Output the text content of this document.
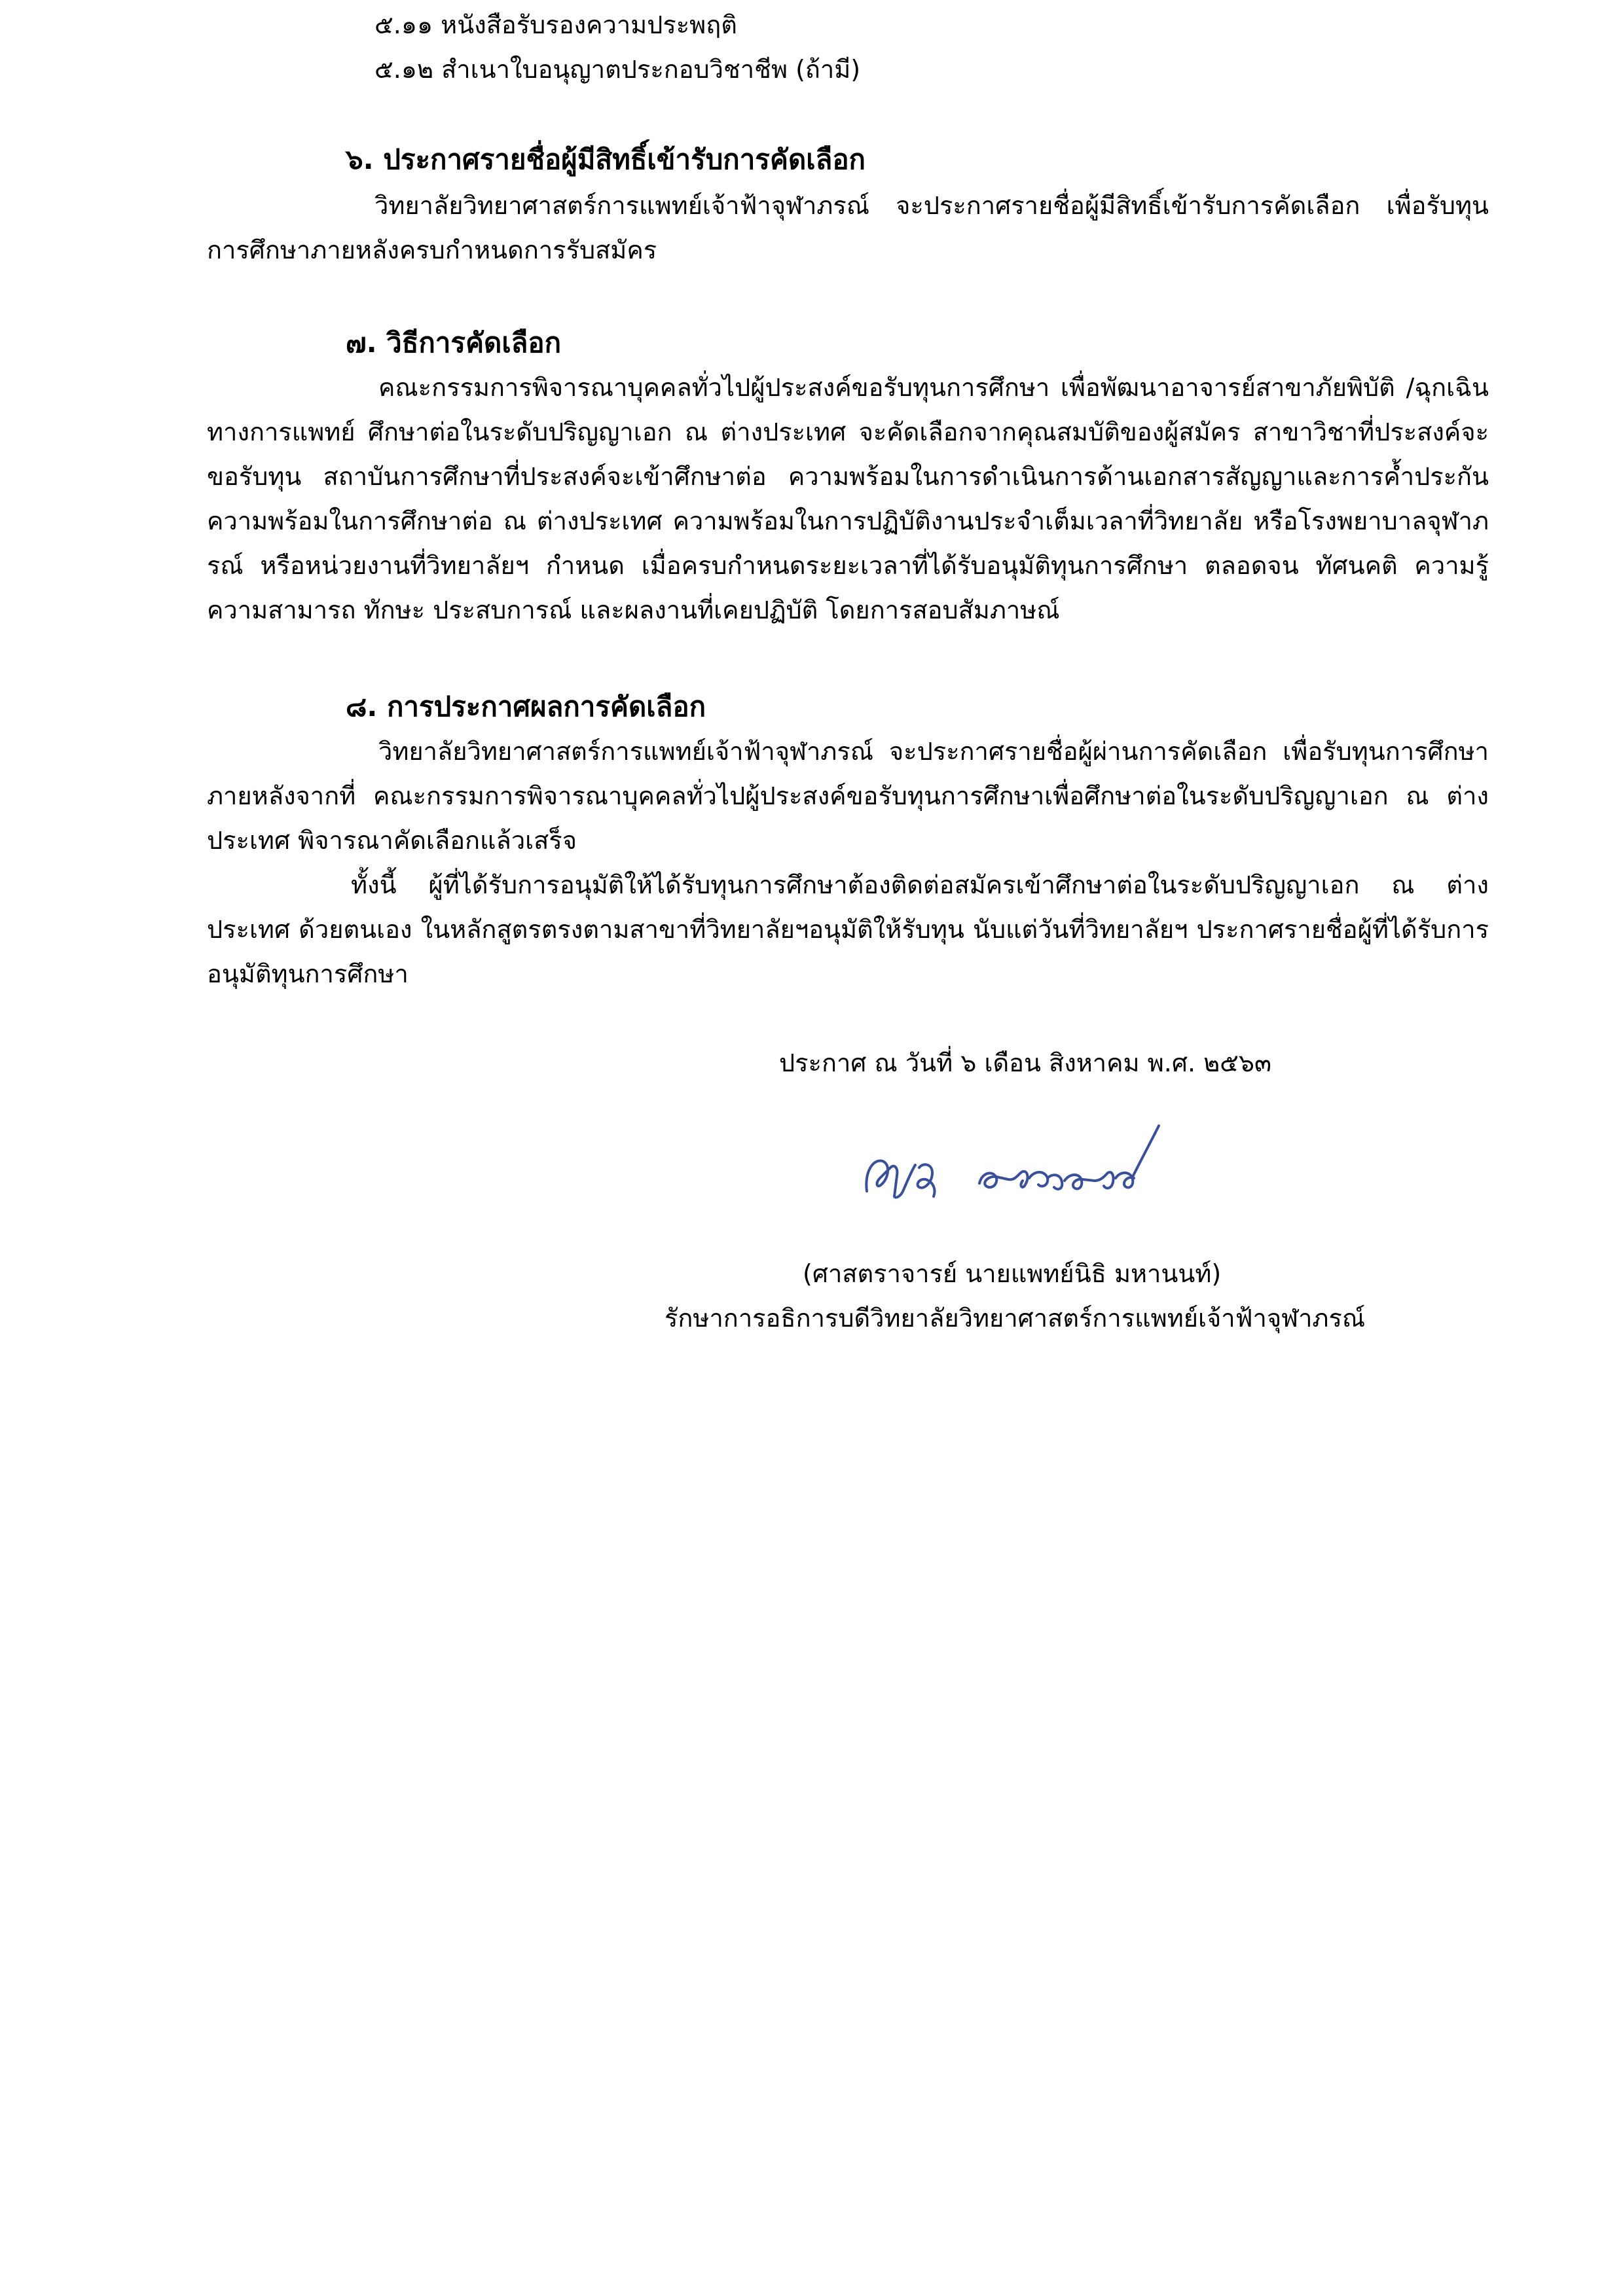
๕.๑๑ หนังสือรับรองความประพฤติ
๕.๑๒ สำเนาใบอนุญาตประกอบวิชาชีพ (ถ้ามี)
๖. ประกาศรายชื่อผู้มีสิทธิ์เข้ารับการคัดเลือก
วิทยาลัยวิทยาศาสตร์การแพทย์เจ้าฟ้าจุฬาภรณ์ จะประกาศรายชื่อผู้มีสิทธิ์เข้ารับการคัดเลือก เพื่อรับทุนการศึกษาภายหลังครบกำหนดการรับสมัคร
๗. วิธีการคัดเลือก
คณะกรรมการพิจารณาบุคคลทั่วไปผู้ประสงค์ขอรับทุนการศึกษา เพื่อพัฒนาอาจารย์สาขาภัยพิบัติ /ฉุกเฉินทางการแพทย์ ศึกษาต่อในระดับปริญญาเอก ณ ต่างประเทศ จะคัดเลือกจากคุณสมบัติของผู้สมัคร สาขาวิชาที่ประสงค์จะขอรับทุน สถาบันการศึกษาที่ประสงค์จะเข้าศึกษาต่อ ความพร้อมในการดำเนินการด้านเอกสารสัญญาและการค้ำประกัน ความพร้อมในการศึกษาต่อ ณ ต่างประเทศ ความพร้อมในการปฏิบัติงานประจำเต็มเวลาที่วิทยาลัย หรือโรงพยาบาลจุฬาภรณ์ หรือหน่วยงานที่วิทยาลัยฯ กำหนด เมื่อครบกำหนดระยะเวลาที่ได้รับอนุมัติทุนการศึกษา ตลอดจน ทัศนคติ ความรู้ความสามารถ ทักษะ ประสบการณ์ และผลงานที่เคยปฏิบัติ โดยการสอบสัมภาษณ์
๘. การประกาศผลการคัดเลือก
วิทยาลัยวิทยาศาสตร์การแพทย์เจ้าฟ้าจุฬาภรณ์ จะประกาศรายชื่อผู้ผ่านการคัดเลือก เพื่อรับทุนการศึกษาภายหลังจากที่ คณะกรรมการพิจารณาบุคคลทั่วไปผู้ประสงค์ขอรับทุนการศึกษาเพื่อศึกษาต่อในระดับปริญญาเอก ณ ต่างประเทศ พิจารณาคัดเลือกแล้วเสร็จ
ทั้งนี้ ผู้ที่ได้รับการอนุมัติให้ได้รับทุนการศึกษาต้องติดต่อสมัครเข้าศึกษาต่อในระดับปริญญาเอก ณ ต่างประเทศ ด้วยตนเอง ในหลักสูตรตรงตามสาขาที่วิทยาลัยฯอนุมัติให้รับทุน นับแต่วันที่วิทยาลัยฯ ประกาศรายชื่อผู้ที่ได้รับการอนุมัติทุนการศึกษา
ประกาศ ณ วันที่ ๖ เดือน สิงหาคม พ.ศ. ๒๕๖๓
(ศาสตราจารย์ นายแพทย์นิธิ มหานนท์)
รักษาการอธิการบดีวิทยาลัยวิทยาศาสตร์การแพทย์เจ้าฟ้าจุฬาภรณ์
